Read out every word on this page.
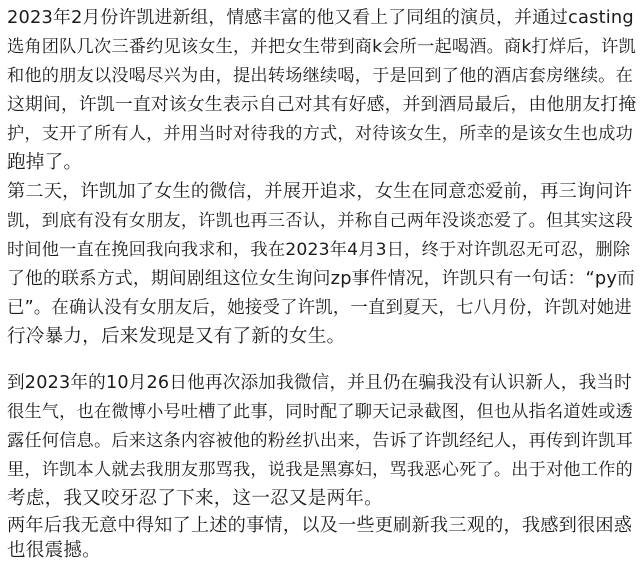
2023年2月份许凯进新组，情感丰富的他又看上了同组的演员，并通过casting
选角团队几次三番约见该女生，并把女生带到商k会所一起喝酒。商k打烊后，许凯
和他的朋友以没喝尽兴为由，提出转场继续喝，于是回到了他的酒店套房继续。在
这期间，许凯一直对该女生表示自己对其有好感，并到酒局最后，由他朋友打掩
护，支开了所有人，并用当时对待我的方式，对待该女生，所幸的是该女生也成功
跑掉了。
第二天，许凯加了女生的微信，并展开追求，女生在同意恋爱前，再三询问许
凯，到底有没有女朋友，许凯也再三否认，并称自己两年没谈恋爱了。但其实这段
时间他一直在挽回我向我求和，我在2023年4月3日，终于对许凯忍无可忍，删除
了他的联系方式，期间剧组这位女生询问zp事件情况，许凯只有一句话：“py而
已”。在确认没有女朋友后，她接受了许凯，一直到夏天，七八月份，许凯对她进
行冷暴力，后来发现是又有了新的女生。
到2023年的10月26日他再次添加我微信，并且仍在骗我没有认识新人，我当时
很生气，也在微博小号吐槽了此事，同时配了聊天记录截图，但也从指名道姓或透
露任何信息。后来这条内容被他的粉丝扒出来，告诉了许凯经纪人，再传到许凯耳
里，许凯本人就去我朋友那骂我，说我是黑寡妇，骂我恶心死了。出于对他工作的
考虑，我又咬牙忍了下来，这一忍又是两年。
两年后我无意中得知了上述的事情，以及一些更刷新我三观的，我感到很困惑
也很震撼。
